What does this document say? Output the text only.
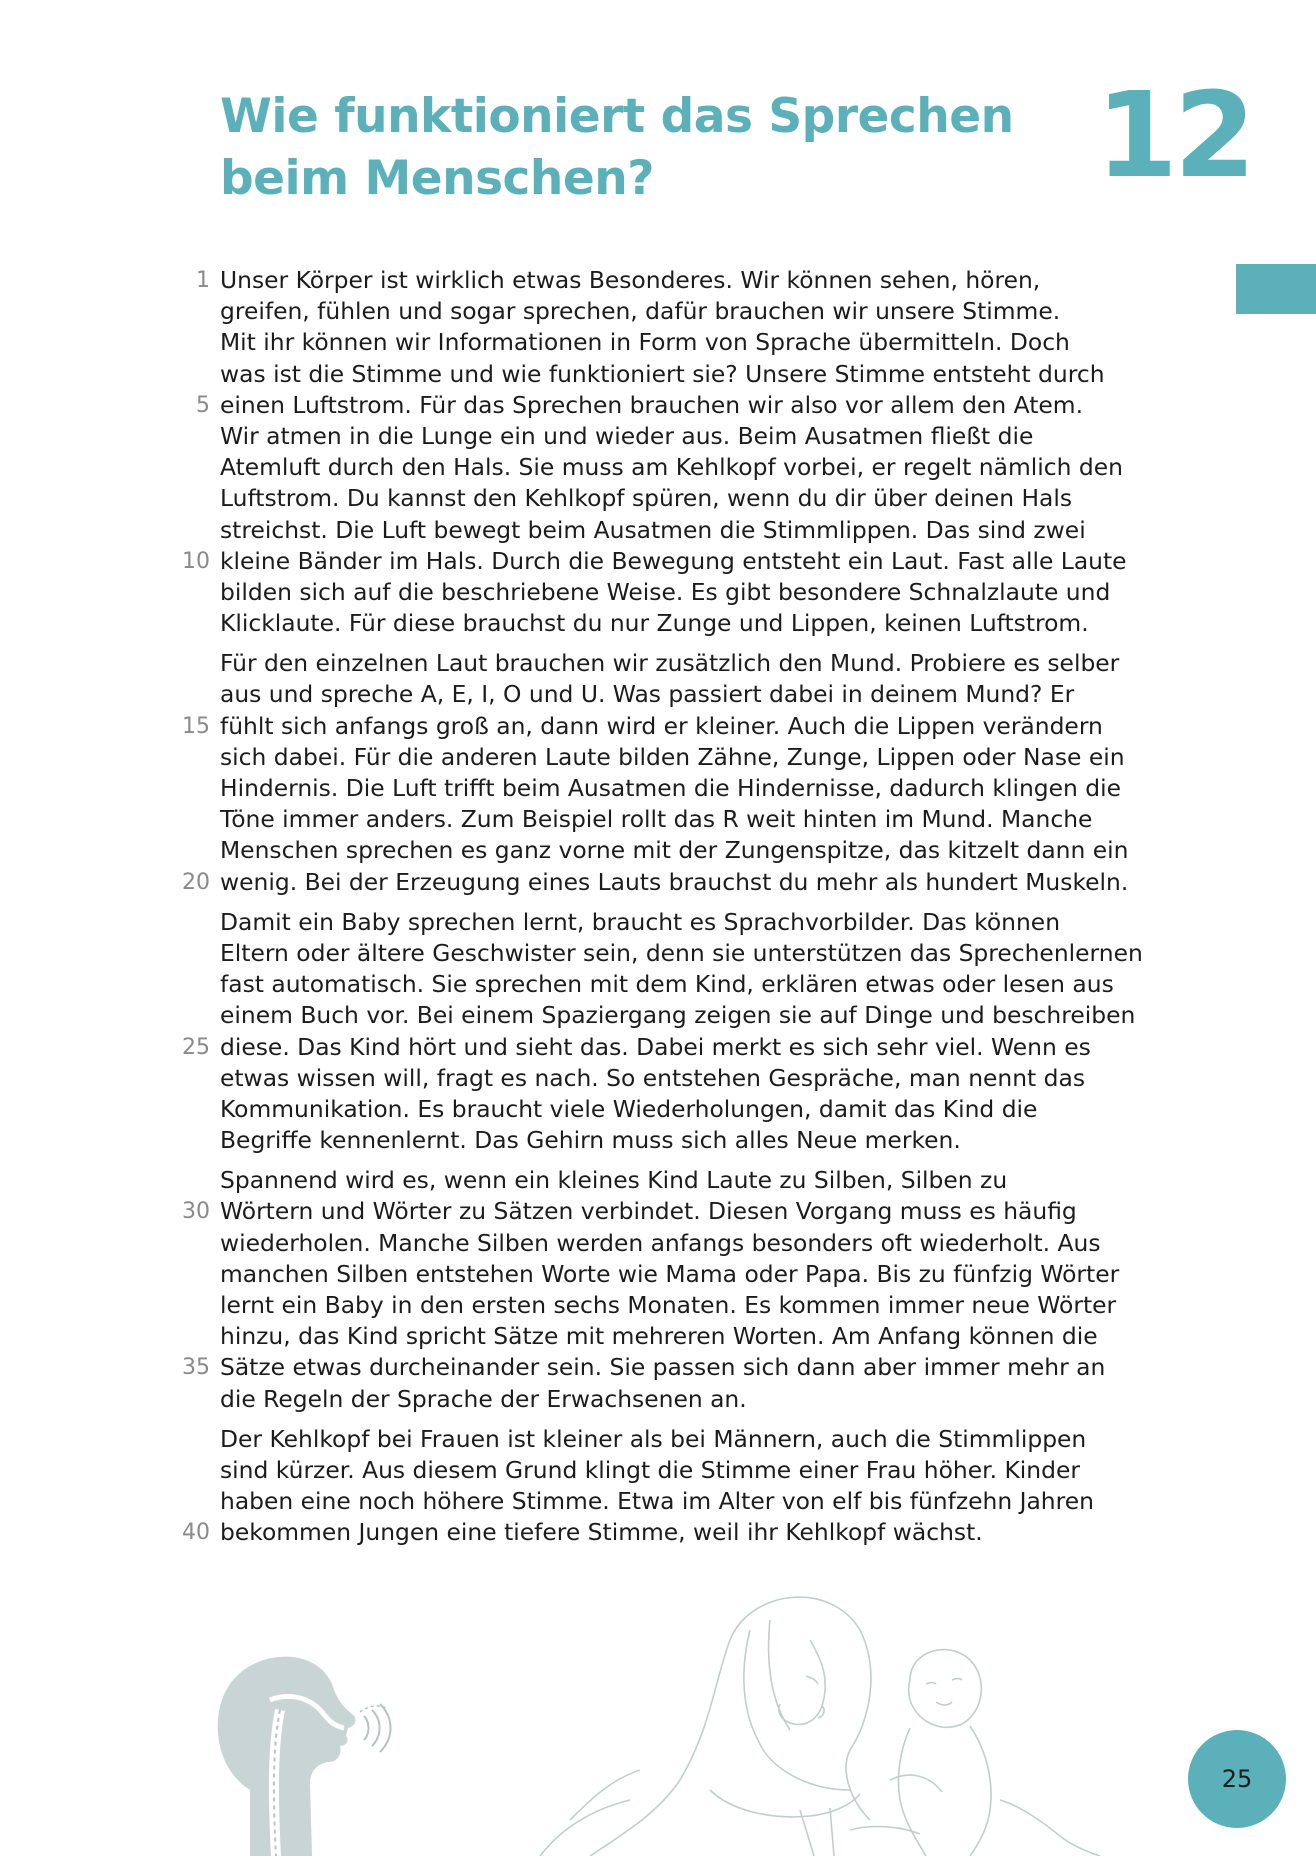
Wie funktioniert das Sprechen beim Menschen?	12
1 Unser Körper ist wirklich etwas Besonderes. Wir können sehen, hören,
greifen, fühlen und sogar sprechen, dafür brauchen wir unsere Stimme.
Mit ihr können wir Informationen in Form von Sprache übermitteln. Doch
was ist die Stimme und wie funktioniert sie? Unsere Stimme entsteht durch
5 einen Luftstrom. Für das Sprechen brauchen wir also vor allem den Atem.
Wir atmen in die Lunge ein und wieder aus. Beim Ausatmen fließt die
Atemluft durch den Hals. Sie muss am Kehlkopf vorbei, er regelt nämlich den
Luftstrom. Du kannst den Kehlkopf spüren, wenn du dir über deinen Hals
streichst. Die Luft bewegt beim Ausatmen die Stimmlippen. Das sind zwei
10 kleine Bänder im Hals. Durch die Bewegung entsteht ein Laut. Fast alle Laute
bilden sich auf die beschriebene Weise. Es gibt besondere Schnalzlaute und
Klicklaute. Für diese brauchst du nur Zunge und Lippen, keinen Luftstrom.
Für den einzelnen Laut brauchen wir zusätzlich den Mund. Probiere es selber
aus und spreche A, E, I, O und U. Was passiert dabei in deinem Mund? Er
15 fühlt sich anfangs groß an, dann wird er kleiner. Auch die Lippen verändern
sich dabei. Für die anderen Laute bilden Zähne, Zunge, Lippen oder Nase ein
Hindernis. Die Luft trifft beim Ausatmen die Hindernisse, dadurch klingen die
Töne immer anders. Zum Beispiel rollt das R weit hinten im Mund. Manche
Menschen sprechen es ganz vorne mit der Zungenspitze, das kitzelt dann ein
20 wenig. Bei der Erzeugung eines Lauts brauchst du mehr als hundert Muskeln.
Damit ein Baby sprechen lernt, braucht es Sprachvorbilder. Das können
Eltern oder ältere Geschwister sein, denn sie unterstützen das Sprechenlernen
fast automatisch. Sie sprechen mit dem Kind, erklären etwas oder lesen aus
einem Buch vor. Bei einem Spaziergang zeigen sie auf Dinge und beschreiben
25 diese. Das Kind hört und sieht das. Dabei merkt es sich sehr viel. Wenn es
etwas wissen will, fragt es nach. So entstehen Gespräche, man nennt das
Kommunikation. Es braucht viele Wiederholungen, damit das Kind die
Begriffe kennenlernt. Das Gehirn muss sich alles Neue merken.
Spannend wird es, wenn ein kleines Kind Laute zu Silben, Silben zu
30 Wörtern und Wörter zu Sätzen verbindet. Diesen Vorgang muss es häufig
wiederholen. Manche Silben werden anfangs besonders oft wiederholt. Aus
manchen Silben entstehen Worte wie Mama oder Papa. Bis zu fünfzig Wörter
lernt ein Baby in den ersten sechs Monaten. Es kommen immer neue Wörter
hinzu, das Kind spricht Sätze mit mehreren Worten. Am Anfang können die
35 Sätze etwas durcheinander sein. Sie passen sich dann aber immer mehr an
die Regeln der Sprache der Erwachsenen an.
Der Kehlkopf bei Frauen ist kleiner als bei Männern, auch die Stimmlippen
sind kürzer. Aus diesem Grund klingt die Stimme einer Frau höher. Kinder
haben eine noch höhere Stimme. Etwa im Alter von elf bis fünfzehn Jahren
40 bekommen Jungen eine tiefere Stimme, weil ihr Kehlkopf wächst.
25
